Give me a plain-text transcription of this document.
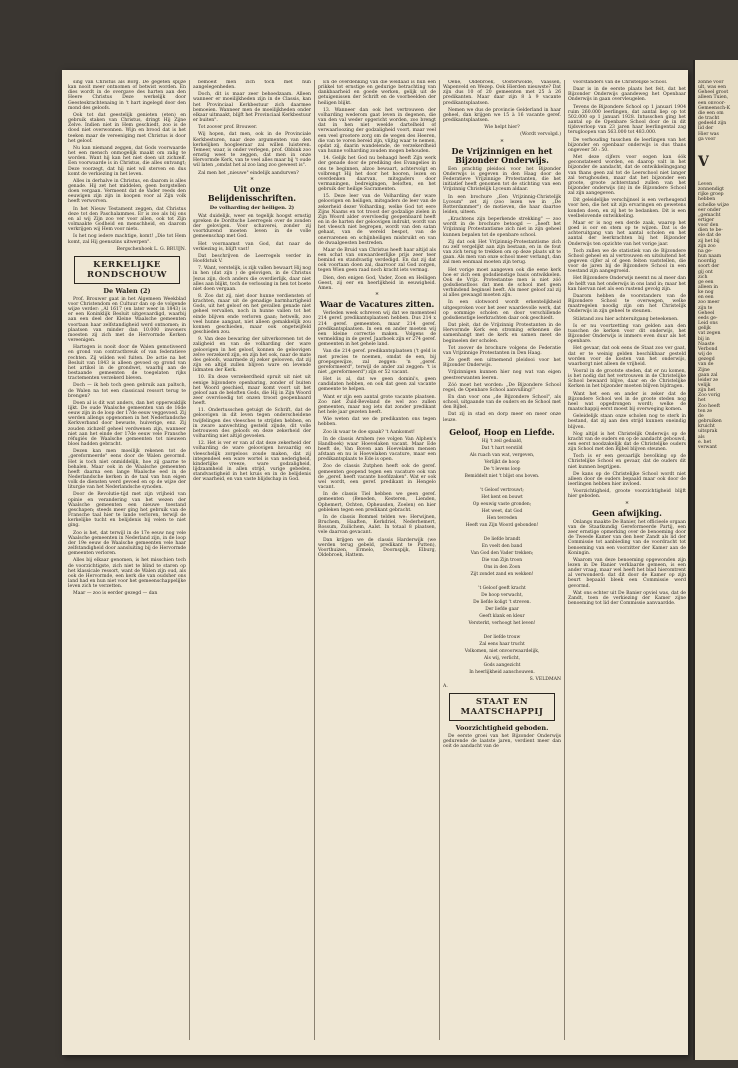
sing van Christus als Borg. De gegeten spijze kan nooit meer ontnomen of betwist worden. En dies wordt in de overgave des harten aan den Heere Christus Deze werkelijk door Geesteskrachtenaing in 't hart ingelegd door den mond des geloofs.

Ook tot dat geestelijk genieten (eten) en gebruik staken van Christus, dringt Hij Zijne Zelve. Indien niet in Hem geschiedt, zoo is de dood niet overwonnen. Wijn en brood dat is het teeken maar de vereeniging met Christus is door het geloof.

Nu kan niemand zeggen, dat Gods voorwaarde het een mensch onmogelijk maakt om zalig te worden. Want hij kan het niet doen uit zichzelf. Een voorwaarde is in Christus, die alles ontvangt; Deze voorzegt, dat hij niet wil sterven en dus komt de verkiezing in het leven.

Alles in derhalve in Christus, en daarom is alles genade. Hij zet het middelen, geen borgstellen doen vergaan. Vermeent dat de Vader reeds den eeuwigen zijn zijn in koopen voor al Zijn volk heeft verworven.

In het Nieuw Testament zeggen, dat Christus deze tot den Paschalammes. Er is zoo als bij ons en al wij Zijn zoo ver voor allen, ook tot Zijn volmaakte Godheid en menschheid, en daarom verkrijgen wij Hem voor niets.

Is het nog iedere machtige, komt! „Die tot Hem komt, zal Hij geenszins uitwerpen".

Bergschenhoek L. G. BRUIJN.

KERKELIJKE RONDSCHOUW

De Walen (2)

Prof. Brouwer gaat in het Algemeen Weekblad voor Christendom en Cultuur dan op de volgende wijze verder: „Al 1617 (en later weer in 1843) is er een Koninklijk Besluit uitgevaardigd, waarbij aan een deel der Kleine Waalsche gemeenten voortaan haar zelfstandigheid werd ontnomen; in plaatsen van minder dan 10.000 inwoners moesten zij zich met de Hervormde Kerken vereenigen.

Hartogen is nooit door de Walen gemotiveerd en grond van contractbreuk of van federatieve rechten. Zij wilden wel fuiten. De actie na het Besluit van 1843 is alleen gevoed op grond van het artikel in de grondwet, waarbij aan de bestaande gemeenten de toegelaten rijks tractementen verzekerd bleven.

Doch — ik heb toch geen gebruik aan paltsch, de Walen na tot een classicaal ressort terug te brengen?

Doen al is dit wat anders, dan het opperwaklijk lijkt. De oude Waalsche gemeenten van de 16de eeuw zijn in de loop der 17de eeuw veggevoed. Zij werden allengs opgenomen in het Nederlandsche Kerkverband door bewuste, huiverige, enz. Zij zouden zichzelf geheel verdwenen zijn, wanneer niet aan het einde der 17de eeuw vele Fransche réfugiés de Waalsche gemeenten tot nieuwen bloei hadden gebracht.

Dezen kan men moeilijk rekenen tot de „gereformeerde" eens door de Walen gevormd. Het is toch niet onmiddelijk, hoe zij gaarne te behalen. Maar ook in de Waalsche gemeenten heeft daarna een lange Waalsche eed in de Nederlandsche kerken in de taal van hun eigen volk de diensten werd gevoed en op de wijze der liturgie van het Nederlandsche synoden.

Door de Revolutie-tijd met zijn vrijheid van opinie en verandering van het wezen der Waalsche gemeenten een nieuwe toestand geschapen; steeds meer ging het gebruik van de Fransche taal hier te lande verloren, terwijl de kerkelijke tucht en belijdenis bij velen te niet ging.

Zoo is het, dat terwijl in de 17e eeuw nog vele Waalsche gemeenten in Nederland zijn, in de loop der 19e eeuw de Waalsche gemeenten vele haar zelfstandigheid door aansluiting bij de Hervormde gemeenten verloren.

Alles bij elkaar genomen, is het misschien toch de voorzichtigste, zich niet te blind te staren op het klassicale ressort, want de Walen zijn oud, als ook de Hervormde, een kerk die van oudsher ons land had en hun niet voor het gemeenschappelijke leven zich te verzetten.

Maar — zoo is eerder gezegd — dan

bemoeit men zich toch met hun aangelegenheden.

Doch, dit is maar zeer behoedzaam. Alleen wanneer er moeilijkheden zijn in de Classis, kan het Provinciaal Kerkbestuur zich daarmee bemoeien. Wanneer men de moeilijkheden onder elkaar uitmaakt, blijft het Provinciaal Kerkbestuur er buiten".

Tot zoover prof. Brouwer.

Wij hopen, dat men, ook in de Provinciale Kerkbesturen, naar deze argumenten van den kerkelijken hoogleeraar zal willen luisteren. Temeer, waar, is onder verlegen, prof. Obbink zoo ernstig weet te zeggen, dat men in onze Hervormde Kerk, van te veel alles maar bij 't oude wil laten „omdat het al zoo lang zoo geweest is".

Zal men het „nieuwe" eindelijk aandurven?

*

Uit onze Belijdenisschriften.

De volharding der heiligen. 2)

Wat duidelijk, weer en tegelijk hoogst ernstig spreken de Dordtsche Leerregels over de zonden der gelovigen. Voor schaverei, zonder zij voortdurend moeten leven in de volle gemeenschap met God.

Het voornaamst van God, dat naar de verkiezing is, blijft vast!

Dat beschrijven de Leerregels verder in Hoofdstuk V.

7. Want, verstelijk, is zijk vallen bewaart Hij nog in hen (dat zijn ) de gelovigen, in de Christus Jezus zijn, doch anders die overdierlijk, daar niet alles aan blijkt, toch de verlossing in hen tot boete niet doen vergaan.

8. Zoo dat zij, niet door hunne verdiensten of krachten, maar uit de genadige barmhartigheid Gods, uit het geloof en het gevallen genade niet geheel vervallen, noch in hunne vallen tot het einde blijven ende verloren gaan; hetwelk, zoo veel hunne aangaat, niet alleen gemakkelijk zou konnen geschieden, maar ook ongetwijfeld geschieden zou.

9. Van deze bewaring der uitverkorenen tot de zaligheid en van de volharding der ware geloovigen in het geloof, konnen de geloovigen zelve verzekerd zijn, en zijn het ook, naar de mate des geloofs, waarmede zij zeker gelooven, dat zij zijn en altijd zullen blijven ware en levende lidmaten der Kerk.

10. En deze verzekerdheid spruit uit niet uit eenige bijzondere openbaring, zonder of buiten het Woord geschied, maar komt voort uit het geloof aan de beloften Gods, die Hij in Zijn Woord zeer overvloedig tot onzen troost geopenbaard heeft.

11. Ondertusschen getuigt de Schrift, dat de geloovigen in dit leven tegen onderscheidene twijfelingen des vleesches te strijden hebben, en in zware aanvechting gesteld zijnde, dit volle betrouwen des geloofs en deze zekerheid der volharding niet altijd gevoelen.

12. Het is ver er van af dat deze zekerheid der volharding de ware geloovigen hovaardig en vleeschelijk zorgeloos zoude maken, dat zij integendeel een ware wortel is van nederigheid, kinderlijke vreeze, ware godzaligheid, lijdzaamheid in allen strijd, vurige gebeden, standvastigheid in het kruis en in de belijdenis der waarheid, en van vaste blijdschap in God.

En de overdenking van die weldaad is hun een prikkel tot ernstige en gedurige betrachting van dankbaarheid en goede werken, gelijk uit de getuigenissen der Schrift en de voorbeelden der heiligen blijkt.

13. Wanneer dan ook het vertrouwen der volharding wederom gaat leven in degenen, die van den val weder opgericht worden, zoo brengt dat in hen niet weelde dartelheid of verwaarloozing der godzaligheid voort, maar veel een veel grootere zorg om de wegen des Heeren, die van te voren bereid zijn, vlijtig waar te nemen, opdat zij, daarin wandelende, de verzekerdheid van hunne volharding zouden mogen behouden.

14. Gelijk het God nu behaagd heeft Zijn werk der genade door de prediking des Evangelies in ons te beginnen, alzoo bewaart, achtervolgt en volbrengt Hij het door het hooren, lezen en overdenken daarvan, mitsgaders door vermaningen, bedreigingen, beloften, en het gebruik der heilige Sacramenten.

15. Deze leer van de Volharding der ware geloovigen en heiligen, mitsgaders de leer van de zekerheid dezer Volharding, welke God tot eere Zijns Naams en tot troost der godzalige zielen in Zijn Woord alder overvloedig geopenbaard heeft en in de harten der geloovigen indrukt, wordt van het vleesch niet begrepen, wordt van den satan gehaat, van de wereld bespot, van de onervarenen en schijnheiligen misbruikt en van de dwaalgeesten bestreden.

Maar de Bruid van Christus heeft haar altijd als een schat van onwaardeerlijke prijs zeer teer bemind en standvastig verdedigd. En dat zij dat ook voortaan doen zal, daarvoor zal God zorgen, tegen Wien geen raad noch kracht iets vermag.

Dien, den enigen God, Vader, Zoon en Heiligen Geest, zij eer en heerlijkheid in eeuwigheid. Amen.

*

Waar de Vacatures zitten.

Verleden week schreven wij dat we momenteel 214 geref. predikantsplaatsen hebben. Dus 214 x 214 geref. gemeenten, maar 214 geref. predikantsplaatsen. In een en ander moeten wij een kleine correctie maken. Volgens de vermelding in de geref. Jaarboek zijn er 274 geref. gemeenten in het gehele land.

Van die 214 geref. predikantsplaatsen ('t geld is met precies te noemen, omdat de een, bij groepsgewijze, zal zeggen: 'n „geref. gereformeerd", terwijl de ander zal zeggen: 't is niet „gereformeerd") zijn er 52 vacant.

Het is al, dat we geen domini's, geen candidaten hebben, en ook dat geen zal vacante gemeente te helpen.

Want er zijn een aantal grote vacante plaatsen. Zoo niet Zuid-Beveland de wel zoo zullen gemeenten, maar nog iets dat zonder predikant het hele jaar gezeten heeft.

Wie weten dat we de predikanten ons tegen hebben.

Zoo ik waar te doe spaak? 't Aankomst!

In de classis Arnhem (we volgen Van Alphen's Handboek) waar Hoevelaken vacant. Maar Ede heeft de, Van Boven aan Hoevelaken mensen afstaan en nu is Hoevelaken vacature, maar een predikantsplaats te Ede is open.

Zoo de classis Zutphen heeft ook de geref. gemeenten geopend tegen een vacature ook van de „geref. heeft vacante hoofdzaken". Wat er ook wel wordt, een geref. predikant in Hengelo vacant.

In de classis Tiel hebben we geen geref. gemeenten (Beneden, Kesteren, Lienden, Ophemert, Ochten, Opheusden, Zoelen) en hier gebleken tegen een predikant gebracht.

In de classis Bommel telden we: Herwijnen, Bruchem, Haaften, Kerkdriel, Nederhemert, Rossum, Zuilichem, Aalst. In totaal 8 plaatsen, vele daarvan gevacant.

Dan krijgen we de classis Harderwijk (we werden terug gebeld, predikant te Putten), Voorthuizen, Ermelo, Doornspijk, Elburg, Oldebroek, Hattem.

Oene, Oldebroek, Oosterwolde, Vaassen, Wapenveld en Wezep. Ook Hierden nieuwste? Dat zijn dus 10 of 20 gemeenten met 25 à 26 predikanten. Maar daar zijn 8 à 9 vacante predikantsplaatsen.

Nemen we dus de provincie Gelderland in haar geheel, dan krijgen we 15 à 16 vacante geref. predikantsplaatsen.

Wie helpt hier?

(Wordt vervolgd.)

*

De Vrijzinnigen en het Bijzonder Onderwijs.

Een prachtig pleidooi voor het Bijzonder Onderwijs is gegeven in den Haag door de Federatieve Vrijzinnige Protestanten, die het initiatief heeft genomen tot de stichting van een Vrijzinnig Christelijk Lyceum aldaar.

In een brochure „Een Vrijzinnig-Christelijk Lyceum" zet zij (zoo lezen we in „De Rotterdammer") de motieven, die haar daartoe leiden, uiteen.

„Krachtens zijn beperkende strekking" — zoo wordt in de brochure betoogd — „heeft het Vrijzinnig Protestantisme zich niet in zijn geheel kunnen bepalen tot de openbare school.

Zij dat ook Het Vrijzinnig-Protestantisme zich nu zelf vergelijkt aan zijn bestaan, en in de fout van zich terug te trekken om op deze plaats uit te gaan. Als men van onze school meer verlangt, dan zal men eenmaal moeten zijn terug.

Het vorige moet aangeven ook die eene kerk hoe er zich een godsdienstige basis ontwikkelen. Ook de Vrijz. Protestantse men is niet zóó godsdienstloos dat men de school met geen verbindend beginsel heeft. Als meer geloof zal zij al alles gewaagd moeten zijn.

In een slotwoord wordt erkentelijkheid uitgesproken voor het zeer waardevolle werk, dat op sommige scholen en door verschillende godsdienstige leerkrachten daar ook geschiedt.

Dat pleit, dat de Vrijzinnig Protestanten in de Hervormde Kerk een stroming erkennen die samenhangt met de kerk en samen meet de beginselen der scholen.

Tot zoover de brochure volgens de Federatie van Vrijzinnige Protestanten in Den Haag.

Ze geeft een uitnemend pleidooi voor het Bijzonder Onderwijs.

Vrijzinnigen kunnen hier nog wat van eigen geestverwanten leeren.

Zóó moet het worden: „De Bijzondere School regel, de Openbare School aanvulling!"

En dan voor ons „de Bijzondere School", als school, uitgaande van de ouders en de School met den Bijbel.

Dat zij in stad en dorp meer en meer onze leuze.

Geloof, Hoop en Liefde.

Hij 't zeil gedaald,

Dat 't hart verstild

Als ruach van wat, vergeven,

Verlijkt de hoop

De 't levens loop

Bemiddelt niet 't blijst ons boven.

't Geloof vertrouwt;

Het kent en bouwt

Op eeuwig vaste gronden;

Het weet, dat God

Hen tevreden

Heeft van Zijn Woord gebonden!

De liefde brandt

En voelt den band

Van God den Vader trekken;

Die van Zijn troon

Ons in den Zoon

Zijt zondet zand en wekken!

't Geloof geeft kracht

De hoop verwacht,

De liefde koligt 't streven.

Der liefde gaar

Geeft klank en kleur

Versterkt, verhoogt het leven!

Der liefde trouw

Zal eens haar trucht

Volkomen, niet onvoorwaardelijk,

Als wij, verlicht,

Gods aangezicht

In heerlijkheid aanschouwen.

S. VELDMAN

A.

STAAT EN MAATSCHAPPIJ

Voorzichtigheid geboden.

De eerste groei van het Bijzonder Onderwijs gedurende de laatste jaren, verdient meer dan ooit de aandacht van de

voorstanders van de Christelijke School.

Daar is in de eerste plaats het feit, dat het Bijzonder Onderwijs gaandeweg het Openbaar Onderwijs in gaan overvleugelen.

Tevens de Bijzondere School op 1 januari 1904 ruim 260.000 leerlingen, dat aantal liep op tot 502.000 op 1 januari 1928. Intusschen ging het aantal op de Openbare School door de in dit tijdsverloop van 23 jaren haar leerlingental zag terugloopen van 563.000 tot 483.000.

De verhouding tusschen de leerlingen van het bijzonder en openbaar onderwijs is dus thans ongeveer 50 : 50.

Met deze cijfers voor oogen kan óók geconstateerd worden, en daarop valt in het bijzonder de aandacht, dat de ontwikkelingsgang van thans geen zal tot de Leerschool niet langer zal terughouden, maar dat het bijzonder een groote, groote achterstand zullen van het bijzonder onderwijs (in) in de Bijzondere School zal zijn aangegeven.

Dit geleidelijke verschijnsel is een verheugend voor hen, die het uit zijn ervaringen en gewetens konden doen, en zij het te bedanken. Dit is een veelbelovende ontwikkeling.

Maar er is nog een derde zaak, waarop het goed is oor en stem op te wijzen. Dat is de achteruitgang van het aantal scholen en het aantal der leerkrachten bij het Bijzonder Onderwijs ten opzichte van het vorige jaar.

Toch zullen we de statistiek van de Bijzondere School geheel en al vertrouwen en uitsluitend het gegeven cijfer al of geen feiten vaststellen, die voor de jaren bij de Bijzondere School in een toestand zijn aangegroeid.

Het Bijzondere Onderwijs neemt nu al meer dan de helft van het onderwijs in ons land in; maar het kan hiervan niet als een rustend gevolg zijn.

Daarom hebben de voorstanders van de Bijzondere School te overwegen, welke maatregelen noodig zijn om het Christelijk Onderwijs in zijn geheel te steunen.

Stilstand zou hier achteruitgang beteekenen.

Is er nu voortzetting van gelden aan den tusschen de kerken voor dit onderwijs, het Bijzonder Onderwijs is immers even duur als het openbare.

Het gevaar, dat ook eens de Staat zoo ver gaat, dat er te weinig gelden beschikbaar gesteld worden voor de kosten van het onderwijs, waarborgt niet alleen de vrijheid.

Vooral in de grootste steden, dat er nu komen, is het nodig dat het vertrouwen in de Christelijke School bewaard blijve, daar en de Christelijke Kerken in het bijzonder moeten blijven bijdragen.

Want het een en ander is zeker dat de Bijzondere School wel in de groote steden nog heel wat opgedrongen wordt; welke de maatschappij eerst moest bij overweging komen.

Geleidelijk staan onze scholen nog te sterk in bestand, dat zij aan den strijd kunnen oneindig blijven.

Nog altijd is het Christelijk Onderwijs op de kracht van de ouders en op de aandacht gebouwd, een eerst noodzakelijk dat de Christelijke ouders zijn School met den Bijbel blijven steunen.

Toch is er een gevaarlijk bevolking op de Christelijke School en gevaar, dat de ouders dit niet kunnen begrijpen.

De kans op de Christelijke School wordt niet alleen door de ouders bepaald maar ook door de leerlingen hebben hier invloed.

Voorzichtigheid, groote voorzichtigheid blijft hier geboden.

*

Geen afwijking.

Onlangs maakte De Banier, het officieele orgaan van de Staatkundig Gereformeerde Partij, een zeer ernstige opmerking over de benoeming door de Tweede Kamer van den heer Zandt als lid der Commissie tot aanbieding van de voordracht tot benoeming van een voorzitter der Kamer aan de Koningin.

Waarom van deze benoeming opgewonden zijn lezen in De Banier verklaarde gemeen, is een ander vraag, maar wel heeft het blad hieromtrent al verwonderd: dat dit door de Kamer op zijn beurt bepaald bleek een Commissie werd gevormd.

Wat ons echter uit De Banier opviel was, dat de Zandt, toen de verkiezing der Kamer zijne benoeming tot lid der Commissie aanvaardde.

zonne voor
ult, was een
Geheel groot
alleen Tuien,
een onvoor-
Gemeensch-K
die een om
de tracht
gedeeld zijn
lid der
Hier was
ga voor
V
Leven
zonnendigt
rijke groep
hebben
schelke wijze
eer onder
„gemacht
ertiger
voor den
dien te be-
ele dat de
zij het bij
zijn zoo
na ge-
hun naam
noordig
soort der
gij ont
zich
ge een
alleen in
ke nog
en een
zoo meer
zijn te
Geheel
eeds ge-
Leid ons
gelijk
vat zegen
bij in
Naaste
Verbond
wij de
gezegd
van de
Zijne
gaan zal
leider ze
velijk
zijn het
Zoo vorig
het
Zoo heeft
ten ze
de
gebruiken
kruicht
uitsprak
als
e. het
verwant
